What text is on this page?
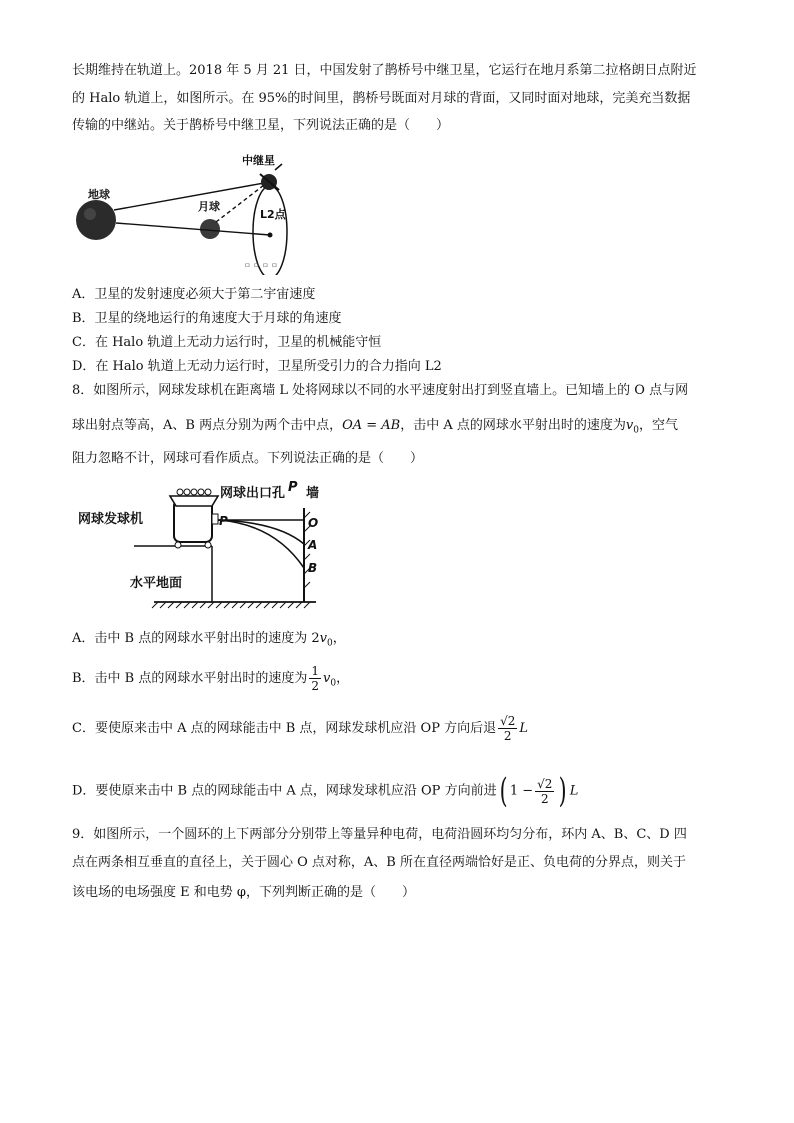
长期维持在轨道上。2018 年 5 月 21 日，中国发射了鹊桥号中继卫星，它运行在地月系第二拉格朗日点附近
的 Halo 轨道上，如图所示。在 95%的时间里，鹊桥号既面对月球的背面，又同时面对地球，完美充当数据
传输的中继站。关于鹊桥号中继卫星，下列说法正确的是（　　）
地球
月球
中继星
L2点
ㅁ ㅁ ㅁ ㅁ
A．卫星的发射速度必须大于第二宇宙速度
B．卫星的绕地运行的角速度大于月球的角速度
C．在 Halo 轨道上无动力运行时，卫星的机械能守恒
D．在 Halo 轨道上无动力运行时，卫星所受引力的合力指向 L2
8．如图所示，网球发球机在距离墙 L 处将网球以不同的水平速度射出打到竖直墙上。已知墙上的 O 点与网
球出射点等高，A、B 两点分别为两个击中点，OA = AB，击中 A 点的网球水平射出时的速度为$v_0$，空气
阻力忽略不计，网球可看作质点。下列说法正确的是（　　）
网球发球机
网球出口孔 P 墙
P	O
A
B
水平地面
A．击中 B 点的网球水平射出时的速度为 $2v_0$，
B．击中 B 点的网球水平射出时的速度为 $\frac{1}{2} v_0$，
C．要使原来击中 A 点的网球能击中 B 点，网球发球机应沿 OP 方向后退 $\frac{√2}{2}$ L
D．要使原来击中 B 点的网球能击中 A 点，网球发球机应沿 OP 方向前进( $1 - \frac{√2}{2}$ ) L
9．如图所示，一个圆环的上下两部分分别带上等量异种电荷，电荷沿圆环均匀分布，环内 A、B、C、D 四
点在两条相互垂直的直径上，关于圆心 O 点对称，A、B 所在直径两端恰好是正、负电荷的分界点，则关于
该电场的电场强度 E 和电势 φ，下列判断正确的是（　　）
